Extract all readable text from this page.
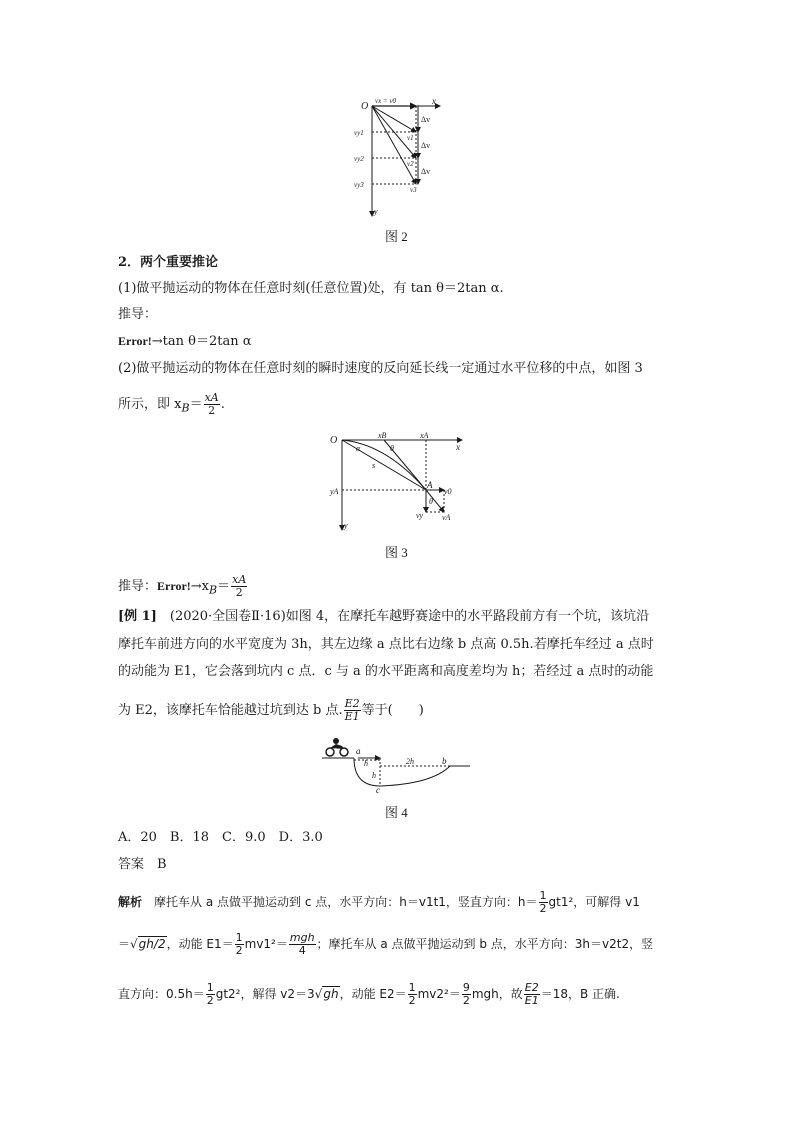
O	x
vx = v0
vy1
vy2
vy3
v1
v2
v3
Δv
Δv
Δv
y
图 2
2．两个重要推论
(1)做平抛运动的物体在任意时刻(任意位置)处，有 tan θ＝2tan α.
推导：
Error!→tan θ＝2tan α
(2)做平抛运动的物体在任意时刻的瞬时速度的反向延长线一定通过水平位移的中点，如图 3
所示，即 $x_B= \frac{xA}{2}$ .
O	xB	xA
x
θ
α
s
A
yA	v0
vy vA
θ
y
图 3
推导：$Error!\to x_B= \frac{xA}{2}$
[例 1]　 (2020·全国卷Ⅱ·16)如图 4，在摩托车越野赛途中的水平路段前方有一个坑，该坑沿
摩托车前进方向的水平宽度为 3h，其左边缘 a 点比右边缘 b 点高 0.5h.若摩托车经过 a 点时
的动能为 E1，它会落到坑内 c 点．c 与 a 的水平距离和高度差均为 h；若经过 a 点时的动能
为 E2，该摩托车恰能越过坑到达 b 点. $\frac{E2}{E1}$ 等于(　　)
a
b
c
h
h
2h
图 4
A．20　B．18　C．9.0　D．3.0
答案　 B
解析　 摩托车从 a 点做平抛运动到 c 点，水平方向：h＝v1t1，竖直方向：$h= \frac{1}{2} gt1^2$，可解得 v1
＝√gh/2，动能 $E1= \frac{1}{2} mv1^2= \frac{\text{mgh}}{4}$ ；摩托车从 a 点做平抛运动到 b 点，水平方向：3h＝v2t2，竖
直方向：$0.5h= \frac{1}{2} gt2^2$，解得 v2＝3√gh，动能 $E2= \frac{1}{2} mv2^2= \frac{9}{2}$ mgh，故 $\frac{E2}{E1} =18$，B 正确.
